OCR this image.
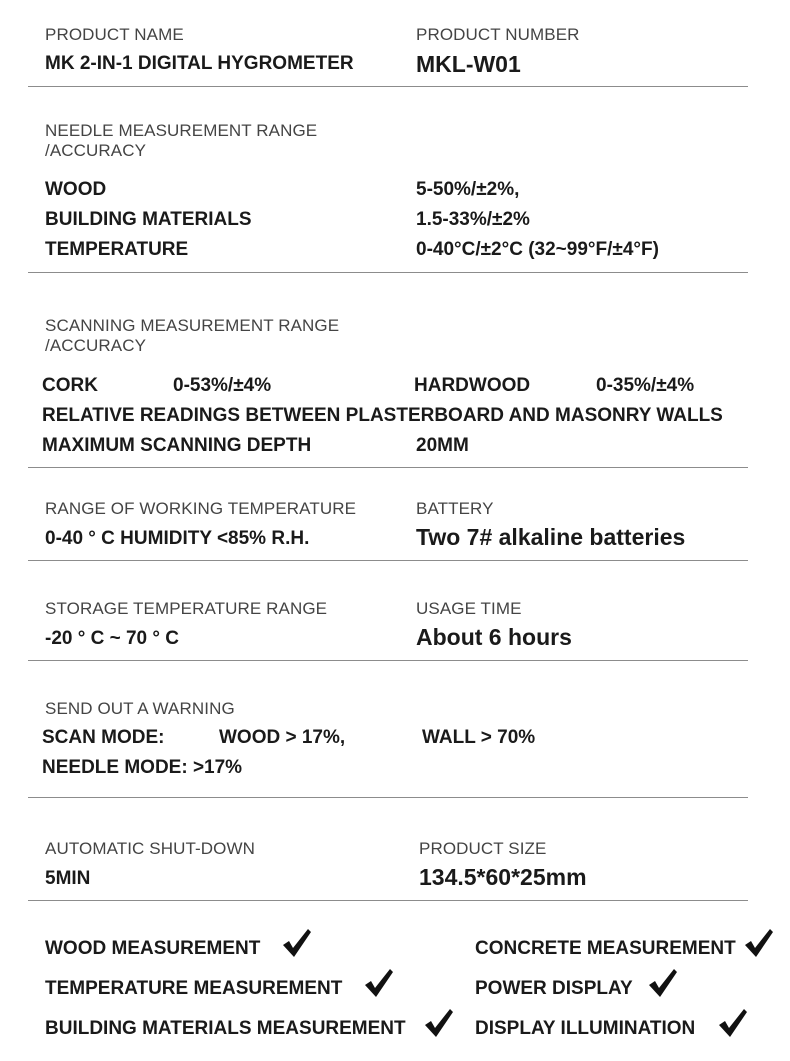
PRODUCT NAME
MK 2-IN-1 DIGITAL HYGROMETER
PRODUCT NUMBER
MKL-W01
NEEDLE MEASUREMENT RANGE
/ACCURACY
WOOD	5-50%/±2%,
BUILDING MATERIALS	1.5-33%/±2%
TEMPERATURE	0-40°C/±2°C (32~99°F/±4°F)
SCANNING MEASUREMENT RANGE
/ACCURACY
CORK	0-53%/±4%	HARDWOOD	0-35%/±4%
RELATIVE READINGS BETWEEN PLASTERBOARD AND MASONRY WALLS
MAXIMUM SCANNING DEPTH	20MM
RANGE OF WORKING TEMPERATURE
0-40 ° C HUMIDITY <85% R.H.
BATTERY
Two 7# alkaline batteries
STORAGE TEMPERATURE RANGE
-20 ° C ~ 70 ° C
USAGE TIME
About 6 hours
SEND OUT A WARNING
SCAN MODE:	WOOD > 17%,	WALL > 70%
NEEDLE MODE: >17%
AUTOMATIC SHUT-DOWN
5MIN
PRODUCT SIZE
134.5*60*25mm
WOOD MEASUREMENT	CONCRETE MEASUREMENT
TEMPERATURE MEASUREMENT	POWER DISPLAY
BUILDING MATERIALS MEASUREMENT	DISPLAY ILLUMINATION
